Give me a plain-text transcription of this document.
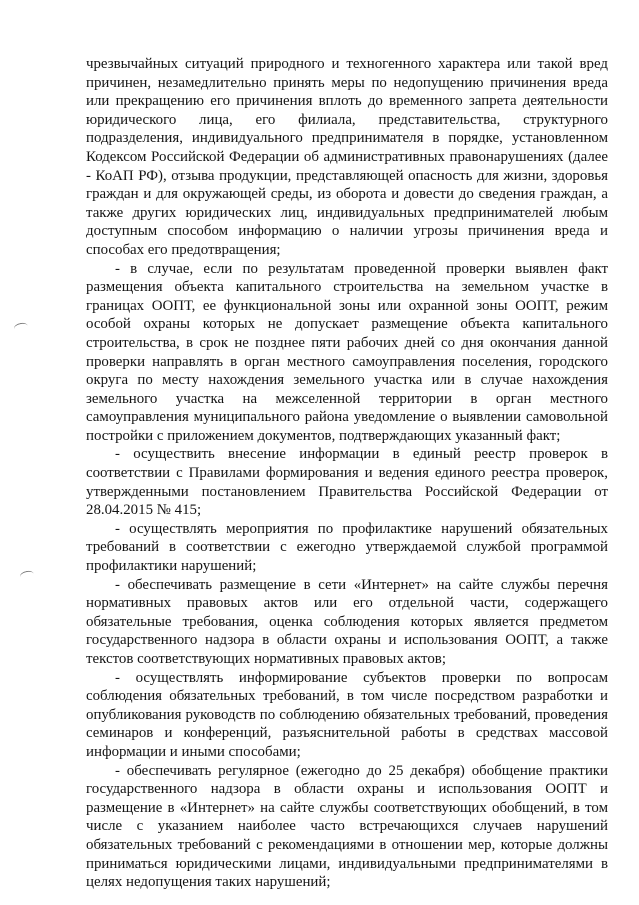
чрезвычайных ситуаций природного и техногенного характера или такой вред причинен, незамедлительно принять меры по недопущению причинения вреда или прекращению его причинения вплоть до временного запрета деятельности юридического лица, его филиала, представительства, структурного подразделения, индивидуального предпринимателя в порядке, установленном Кодексом Российской Федерации об административных правонарушениях (далее - КоАП РФ), отзыва продукции, представляющей опасность для жизни, здоровья граждан и для окружающей среды, из оборота и довести до сведения граждан, а также других юридических лиц, индивидуальных предпринимателей любым доступным способом информацию о наличии угрозы причинения вреда и способах его предотвращения;

- в случае, если по результатам проведенной проверки выявлен факт размещения объекта капитального строительства на земельном участке в границах ООПТ, ее функциональной зоны или охранной зоны ООПТ, режим особой охраны которых не допускает размещение объекта капитального строительства, в срок не позднее пяти рабочих дней со дня окончания данной проверки направлять в орган местного самоуправления поселения, городского округа по месту нахождения земельного участка или в случае нахождения земельного участка на межселенной территории в орган местного самоуправления муниципального района уведомление о выявлении самовольной постройки с приложением документов, подтверждающих указанный факт;

- осуществить внесение информации в единый реестр проверок в соответствии с Правилами формирования и ведения единого реестра проверок, утвержденными постановлением Правительства Российской Федерации от 28.04.2015 № 415;

- осуществлять мероприятия по профилактике нарушений обязательных требований в соответствии с ежегодно утверждаемой службой программой профилактики нарушений;

- обеспечивать размещение в сети «Интернет» на сайте службы перечня нормативных правовых актов или его отдельной части, содержащего обязательные требования, оценка соблюдения которых является предметом государственного надзора в области охраны и использования ООПТ, а также текстов соответствующих нормативных правовых актов;

- осуществлять информирование субъектов проверки по вопросам соблюдения обязательных требований, в том числе посредством разработки и опубликования руководств по соблюдению обязательных требований, проведения семинаров и конференций, разъяснительной работы в средствах массовой информации и иными способами;

- обеспечивать регулярное (ежегодно до 25 декабря) обобщение практики государственного надзора в области охраны и использования ООПТ и размещение в «Интернет» на сайте службы соответствующих обобщений, в том числе с указанием наиболее часто встречающихся случаев нарушений обязательных требований с рекомендациями в отношении мер, которые должны приниматься юридическими лицами, индивидуальными предпринимателями в целях недопущения таких нарушений;
